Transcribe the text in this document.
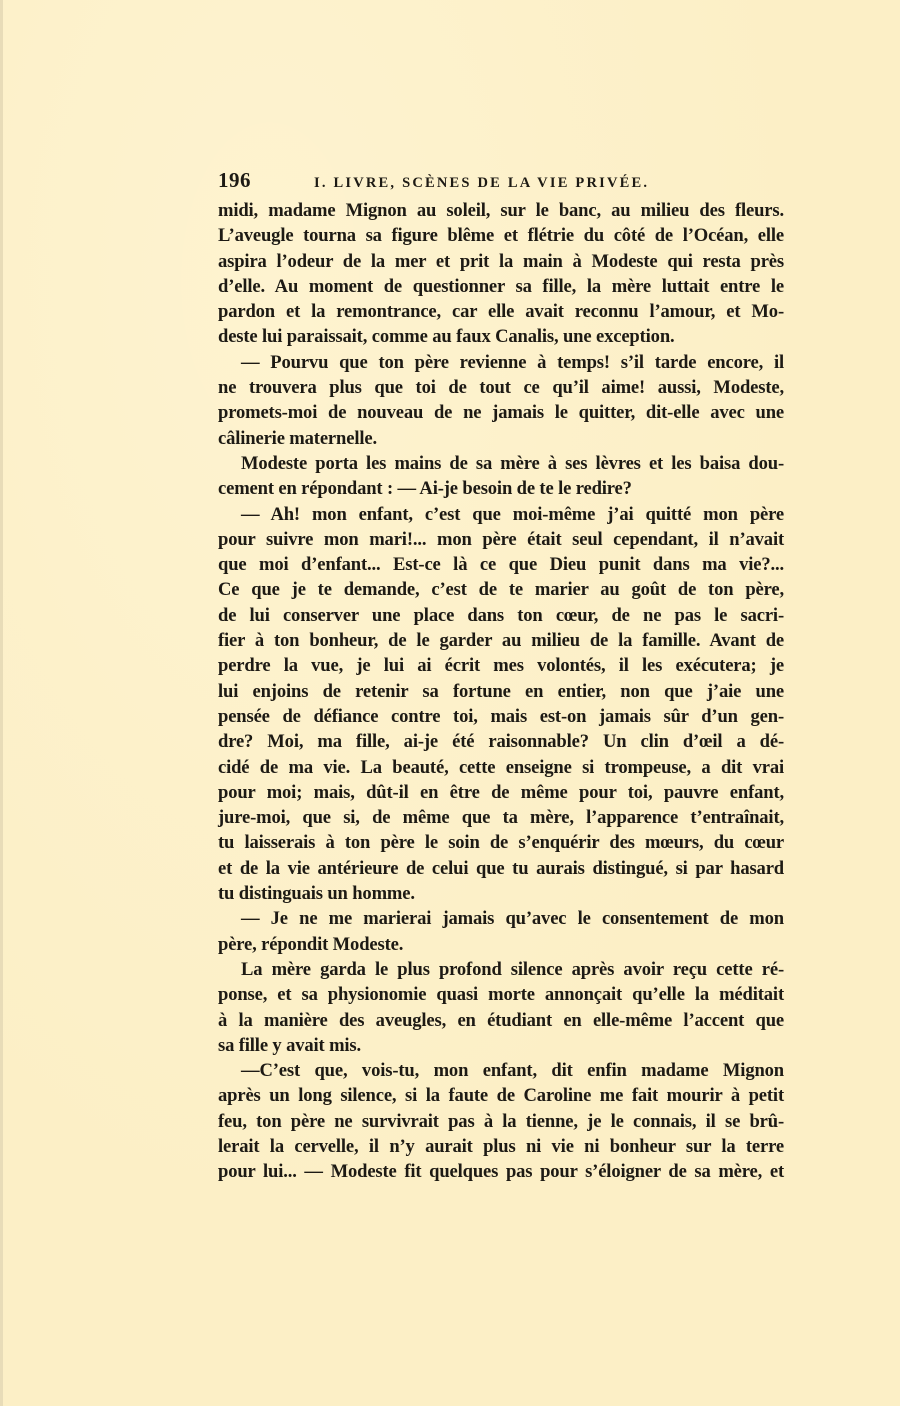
196	I. LIVRE, SCÈNES DE LA VIE PRIVÉE.
midi, madame Mignon au soleil, sur le banc, au milieu des fleurs.
L’aveugle tourna sa figure blême et flétrie du côté de l’Océan, elle
aspira l’odeur de la mer et prit la main à Modeste qui resta près
d’elle. Au moment de questionner sa fille, la mère luttait entre le
pardon et la remontrance, car elle avait reconnu l’amour, et Mo-
deste lui paraissait, comme au faux Canalis, une exception.
— Pourvu que ton père revienne à temps! s’il tarde encore, il
ne trouvera plus que toi de tout ce qu’il aime! aussi, Modeste,
promets-moi de nouveau de ne jamais le quitter, dit-elle avec une
câlinerie maternelle.
Modeste porta les mains de sa mère à ses lèvres et les baisa dou-
cement en répondant : — Ai-je besoin de te le redire?
— Ah! mon enfant, c’est que moi-même j’ai quitté mon père
pour suivre mon mari!... mon père était seul cependant, il n’avait
que moi d’enfant... Est-ce là ce que Dieu punit dans ma vie?...
Ce que je te demande, c’est de te marier au goût de ton père,
de lui conserver une place dans ton cœur, de ne pas le sacri-
fier à ton bonheur, de le garder au milieu de la famille. Avant de
perdre la vue, je lui ai écrit mes volontés, il les exécutera; je
lui enjoins de retenir sa fortune en entier, non que j’aie une
pensée de défiance contre toi, mais est-on jamais sûr d’un gen-
dre? Moi, ma fille, ai-je été raisonnable? Un clin d’œil a dé-
cidé de ma vie. La beauté, cette enseigne si trompeuse, a dit vrai
pour moi; mais, dût-il en être de même pour toi, pauvre enfant,
jure-moi, que si, de même que ta mère, l’apparence t’entraînait,
tu laisserais à ton père le soin de s’enquérir des mœurs, du cœur
et de la vie antérieure de celui que tu aurais distingué, si par hasard
tu distinguais un homme.
— Je ne me marierai jamais qu’avec le consentement de mon
père, répondit Modeste.
La mère garda le plus profond silence après avoir reçu cette ré-
ponse, et sa physionomie quasi morte annonçait qu’elle la méditait
à la manière des aveugles, en étudiant en elle-même l’accent que
sa fille y avait mis.
—C’est que, vois-tu, mon enfant, dit enfin madame Mignon
après un long silence, si la faute de Caroline me fait mourir à petit
feu, ton père ne survivrait pas à la tienne, je le connais, il se brû-
lerait la cervelle, il n’y aurait plus ni vie ni bonheur sur la terre
pour lui... — Modeste fit quelques pas pour s’éloigner de sa mère, et
